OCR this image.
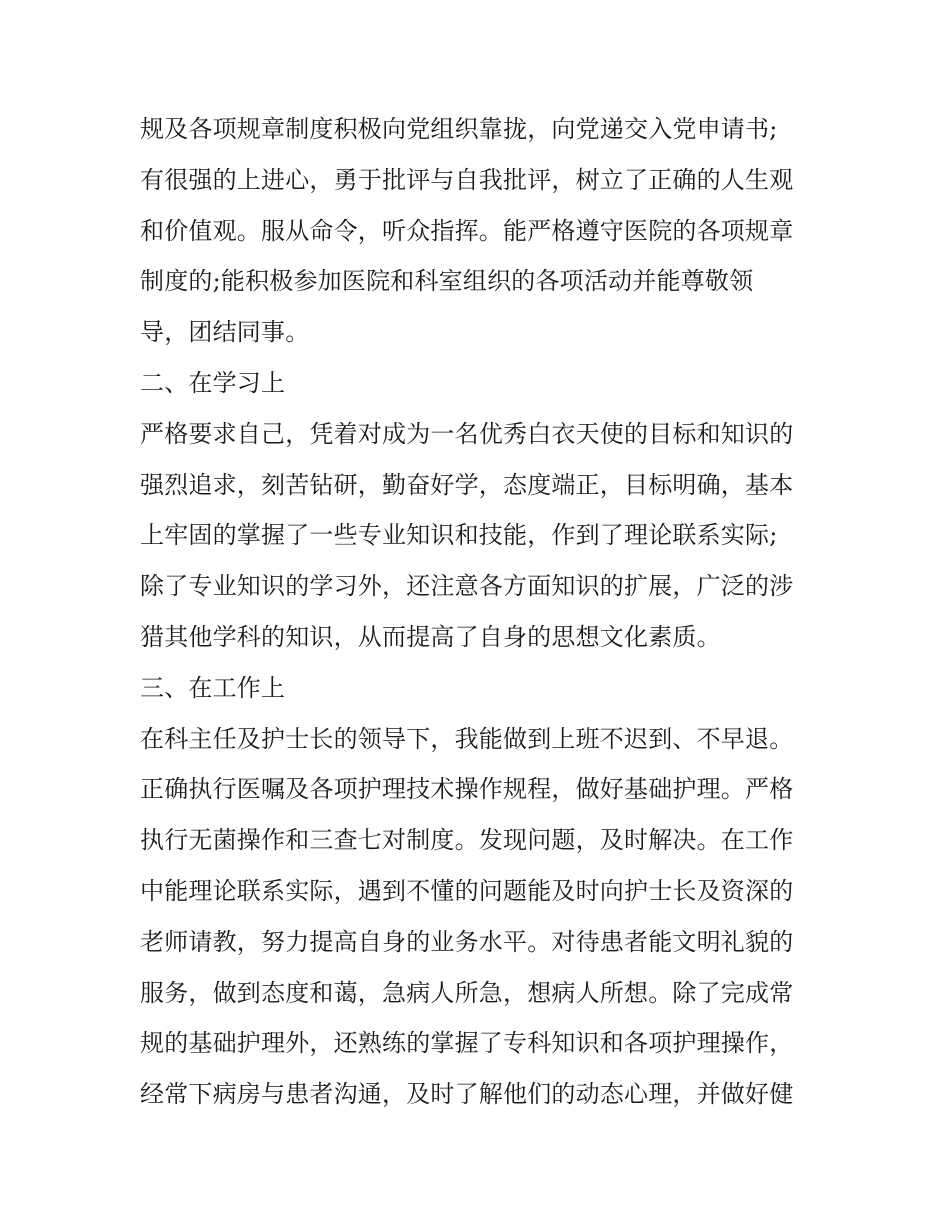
规及各项规章制度积极向党组织靠拢，向党递交入党申请书;
有很强的上进心，勇于批评与自我批评，树立了正确的人生观
和价值观。服从命令，听众指挥。能严格遵守医院的各项规章
制度的;能积极参加医院和科室组织的各项活动并能尊敬领
导，团结同事。
二、在学习上
严格要求自己，凭着对成为一名优秀白衣天使的目标和知识的
强烈追求，刻苦钻研，勤奋好学，态度端正，目标明确，基本
上牢固的掌握了一些专业知识和技能，作到了理论联系实际;
除了专业知识的学习外，还注意各方面知识的扩展，广泛的涉
猎其他学科的知识，从而提高了自身的思想文化素质。
三、在工作上
在科主任及护士长的领导下，我能做到上班不迟到、不早退。
正确执行医嘱及各项护理技术操作规程，做好基础护理。严格
执行无菌操作和三查七对制度。发现问题，及时解决。在工作
中能理论联系实际，遇到不懂的问题能及时向护士长及资深的
老师请教，努力提高自身的业务水平。对待患者能文明礼貌的
服务，做到态度和蔼，急病人所急，想病人所想。除了完成常
规的基础护理外，还熟练的掌握了专科知识和各项护理操作，
经常下病房与患者沟通，及时了解他们的动态心理，并做好健
